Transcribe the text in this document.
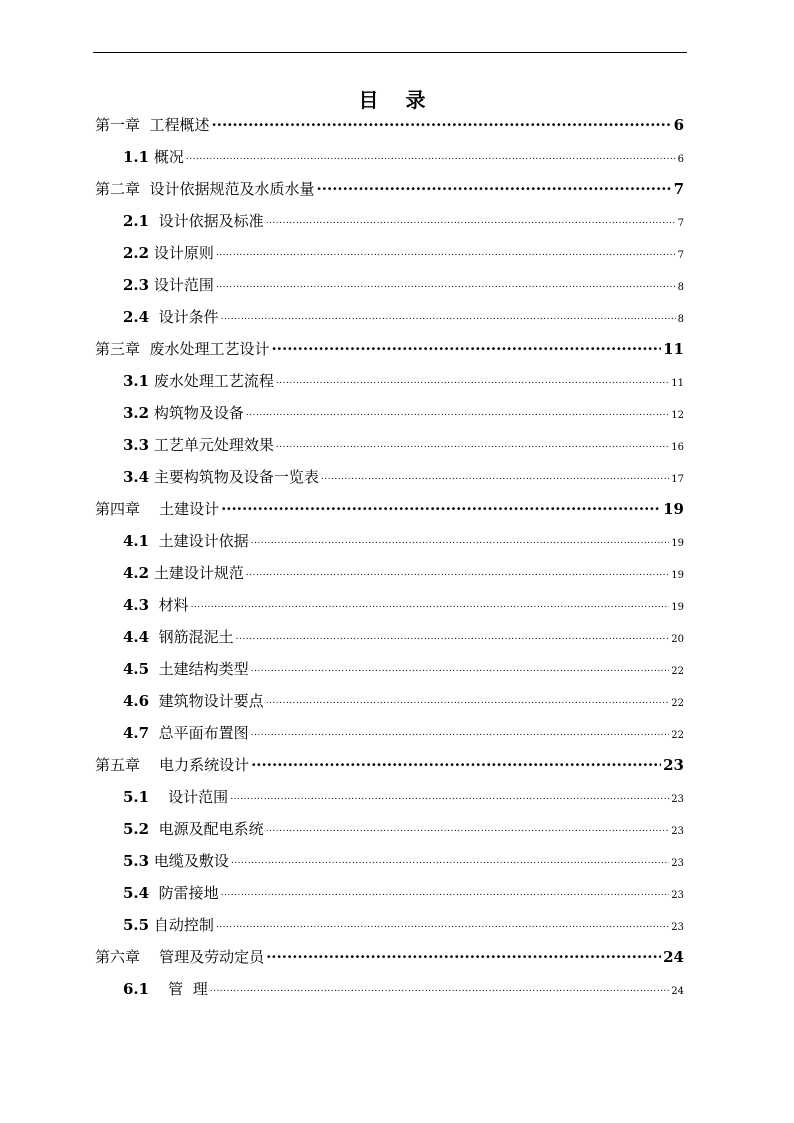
目 录
第一章  工程概述 .....	6
1.1 概况 .....	6
第二章  设计依据规范及水质水量 .....	7
2.1 设计依据及标准 .....	7
2.2 设计原则 .....	7
2.3 设计范围 .....	8
2.4 设计条件 .....	8
第三章  废水处理工艺设计 .....	11
3.1 废水处理工艺流程 .....	11
3.2 构筑物及设备 .....	12
3.3 工艺单元处理效果 .....	16
3.4 主要构筑物及设备一览表 .....	17
第四章    土建设计 .....	19
4.1 土建设计依据 .....	19
4.2 土建设计规范 .....	19
4.3 材料 .....	19
4.4 钢筋混泥土 .....	20
4.5 土建结构类型 .....	22
4.6 建筑物设计要点 .....	22
4.7 总平面布置图 .....	22
第五章    电力系统设计 .....	23
5.1 设计范围 .....	23
5.2 电源及配电系统 .....	23
5.3 电缆及敷设 .....	23
5.4 防雷接地 .....	23
5.5 自动控制 .....	23
第六章    管理及劳动定员 .....	24
6.1 管  理 .....	24
